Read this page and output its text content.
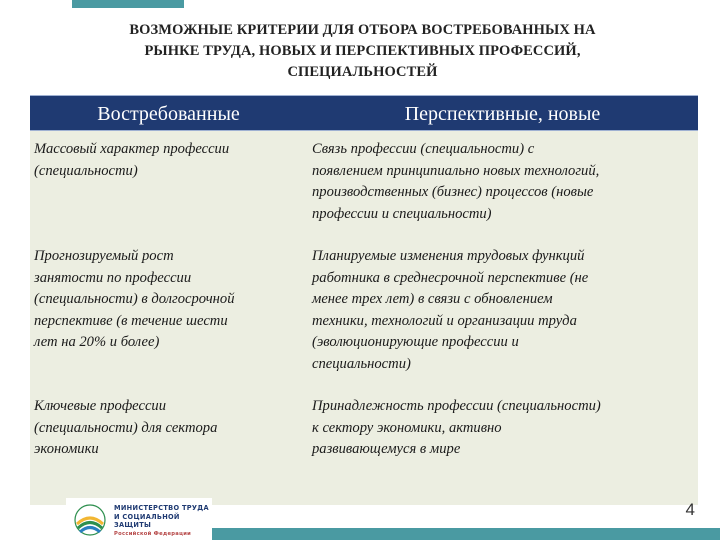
ВОЗМОЖНЫЕ КРИТЕРИИ ДЛЯ ОТБОРА ВОСТРЕБОВАННЫХ НА
РЫНКЕ ТРУДА, НОВЫХ И ПЕРСПЕКТИВНЫХ ПРОФЕССИЙ,
СПЕЦИАЛЬНОСТЕЙ
Востребованные	Перспективные, новые
Массовый характер профессии
(специальности)
Связь профессии (специальности) с
появлением принципиально новых технологий,
производственных (бизнес) процессов (новые
профессии и специальности)
Прогнозируемый рост
занятости по профессии
(специальности) в долгосрочной
перспективе (в течение шести
лет на 20% и более)
Планируемые изменения трудовых функций
работника в среднесрочной перспективе (не
менее трех лет) в связи с обновлением
техники, технологий и организации труда
(эволюционирующие профессии и
специальности)
Ключевые профессии
(специальности) для сектора
экономики
Принадлежность профессии (специальности)
к сектору экономики, активно
развивающемуся в мире
МИНИСТЕРСТВО ТРУДА
И СОЦИАЛЬНОЙ ЗАЩИТЫ
Российской Федерации
4
